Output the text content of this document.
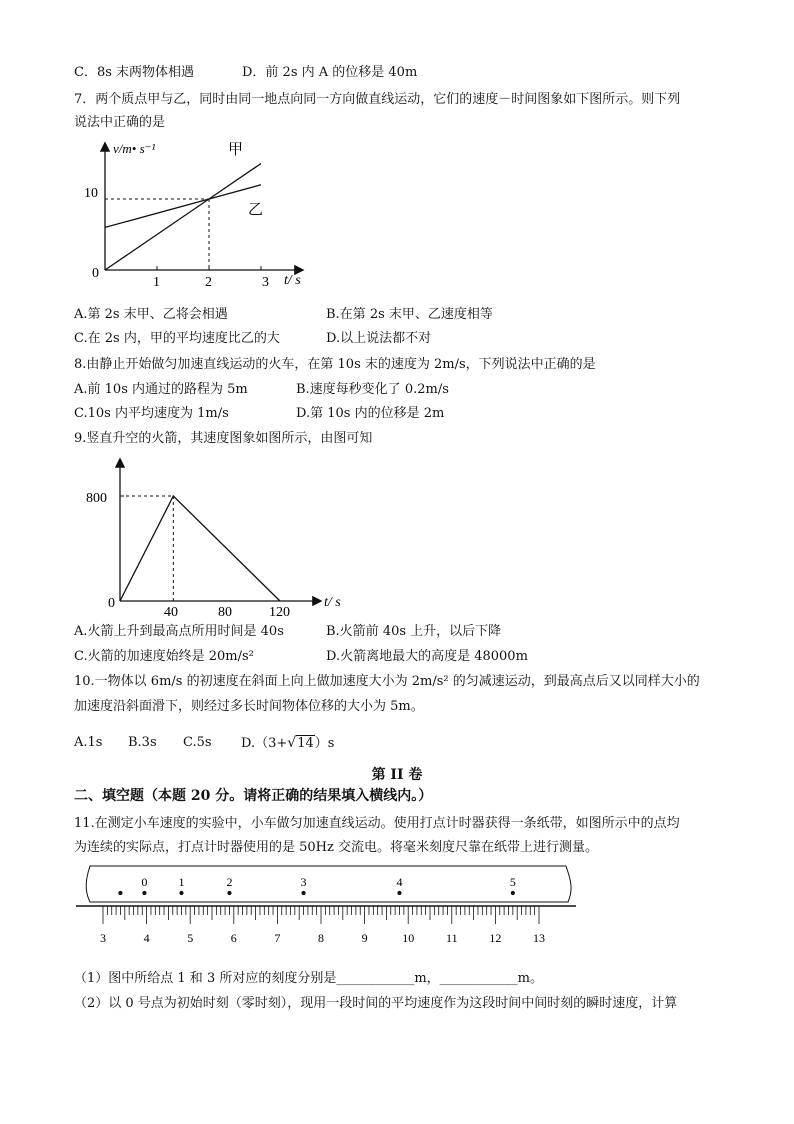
C．8s 末两物体相遇	D．前 2s 内 A 的位移是 40m
7．两个质点甲与乙，同时由同一地点向同一方向做直线运动，它们的速度－时间图象如下图所示。则下列
说法中正确的是
v/m• s⁻¹
t/ s
甲
乙
10
0
1	2	3
A.第 2s 末甲、乙将会相遇	B.在第 2s 末甲、乙速度相等
C.在 2s 内，甲的平均速度比乙的大	D.以上说法都不对
8.由静止开始做匀加速直线运动的火车，在第 10s 末的速度为 2m/s，下列说法中正确的是
A.前 10s 内通过的路程为 5m	B.速度每秒变化了 0.2m/s
C.10s 内平均速度为 1m/s	D.第 10s 内的位移是 2m
9.竖直升空的火箭，其速度图象如图所示，由图可知
t/ s
800
0
40	80	120
A.火箭上升到最高点所用时间是 40s	B.火箭前 40s 上升，以后下降
C.火箭的加速度始终是 20m/s²	D.火箭离地最大的高度是 48000m
10.一物体以 6m/s 的初速度在斜面上向上做加速度大小为 2m/s² 的匀减速运动，到最高点后又以同样大小的
加速度沿斜面滑下，则经过多长时间物体位移的大小为 5m。
A.1s B.3s C.5s D.（3+√14）s
第 II 卷
二、填空题（本题 20 分。请将正确的结果填入横线内。）
11.在测定小车速度的实验中，小车做匀加速直线运动。使用打点计时器获得一条纸带，如图所示中的点均
为连续的实际点，打点计时器使用的是 50Hz 交流电。将毫米刻度尺靠在纸带上进行测量。
0	1	2	3	4	5
3	4	5	6	7	8	9	10	11	12	13
（1）图中所给点 1 和 3 所对应的刻度分别是____________m，____________m。
（2）以 0 号点为初始时刻（零时刻），现用一段时间的平均速度作为这段时间中间时刻的瞬时速度，计算
